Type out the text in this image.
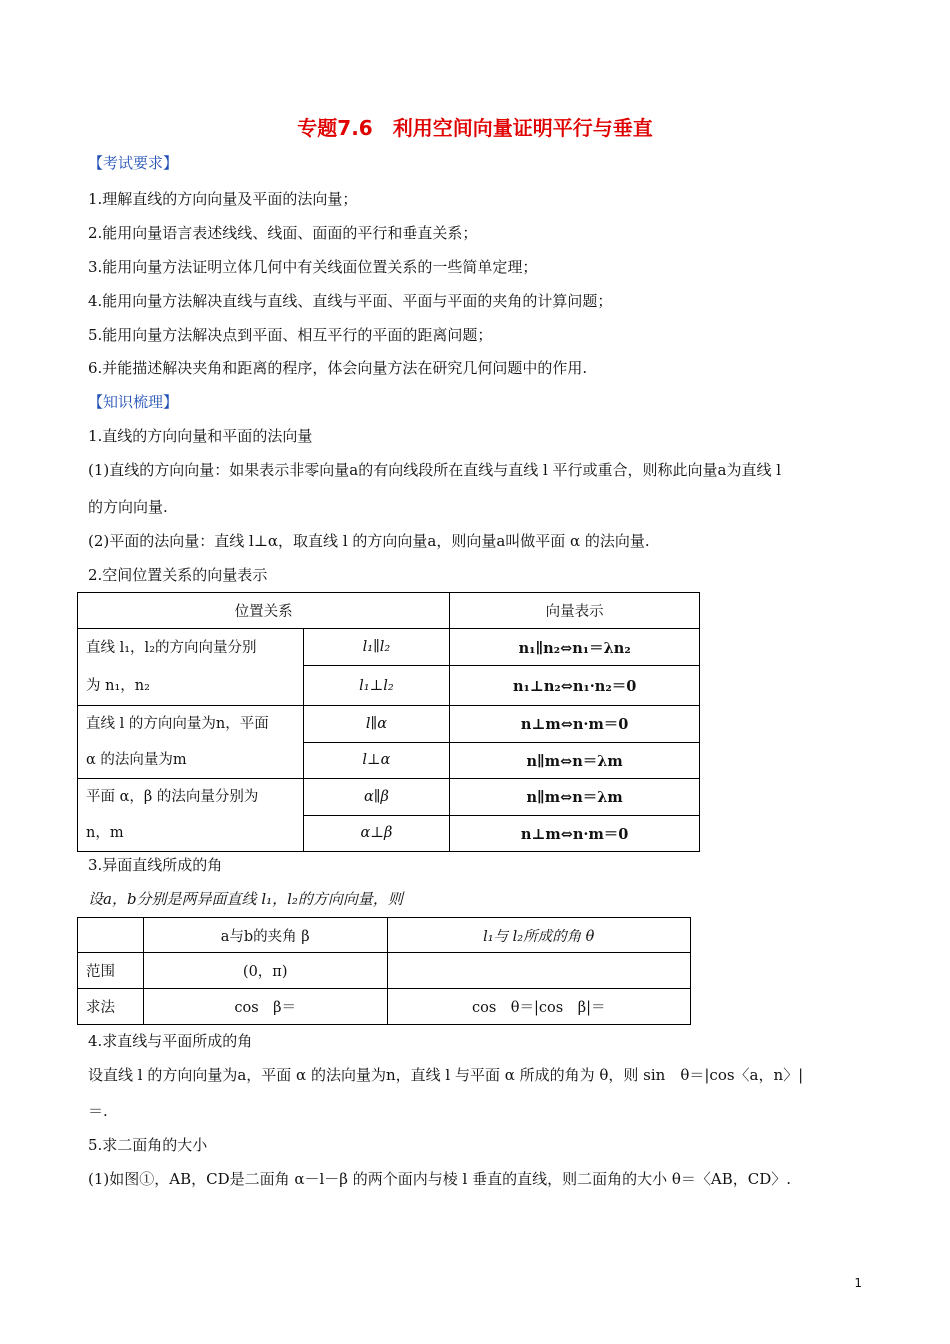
专题7.6　利用空间向量证明平行与垂直
【考试要求】
1.理解直线的方向向量及平面的法向量；
2.能用向量语言表述线线、线面、面面的平行和垂直关系；
3.能用向量方法证明立体几何中有关线面位置关系的一些简单定理；
4.能用向量方法解决直线与直线、直线与平面、平面与平面的夹角的计算问题；
5.能用向量方法解决点到平面、相互平行的平面的距离问题；
6.并能描述解决夹角和距离的程序，体会向量方法在研究几何问题中的作用.
【知识梳理】
1.直线的方向向量和平面的法向量
(1)直线的方向向量：如果表示非零向量a的有向线段所在直线与直线 l 平行或重合，则称此向量a为直线 l
的方向向量.
(2)平面的法向量：直线 l⊥α，取直线 l 的方向向量a，则向量a叫做平面 α 的法向量.
2.空间位置关系的向量表示
位置关系		向量表示

直线 l₁，l₂的方向向量分别
为 n₁，n₂	l₁∥l₂	n₁∥n₂⇔n₁＝λn₂
	l₁⊥l₂	n₁⊥n₂⇔n₁·n₂＝0

直线 l 的方向向量为n，平面
α 的法向量为m	l∥α	n⊥m⇔n·m＝0
	l⊥α	n∥m⇔n＝λm

平面 α，β 的法向量分别为
n，m	α∥β	n∥m⇔n＝λm
	α⊥β	n⊥m⇔n·m＝0
3.异面直线所成的角
设a，b分别是两异面直线 l₁，l₂的方向向量，则
	a与b的夹角 β	l₁与 l₂所成的角 θ
范围	(0，π)	
求法	cos　β＝	cos　θ＝|cos　β|＝
4.求直线与平面所成的角
设直线 l 的方向向量为a，平面 α 的法向量为n，直线 l 与平面 α 所成的角为 θ，则 sin　θ＝|cos〈a，n〉|
＝.
5.求二面角的大小
(1)如图①，AB，CD是二面角 α－l－β 的两个面内与棱 l 垂直的直线，则二面角的大小 θ＝〈AB，CD〉.
1
